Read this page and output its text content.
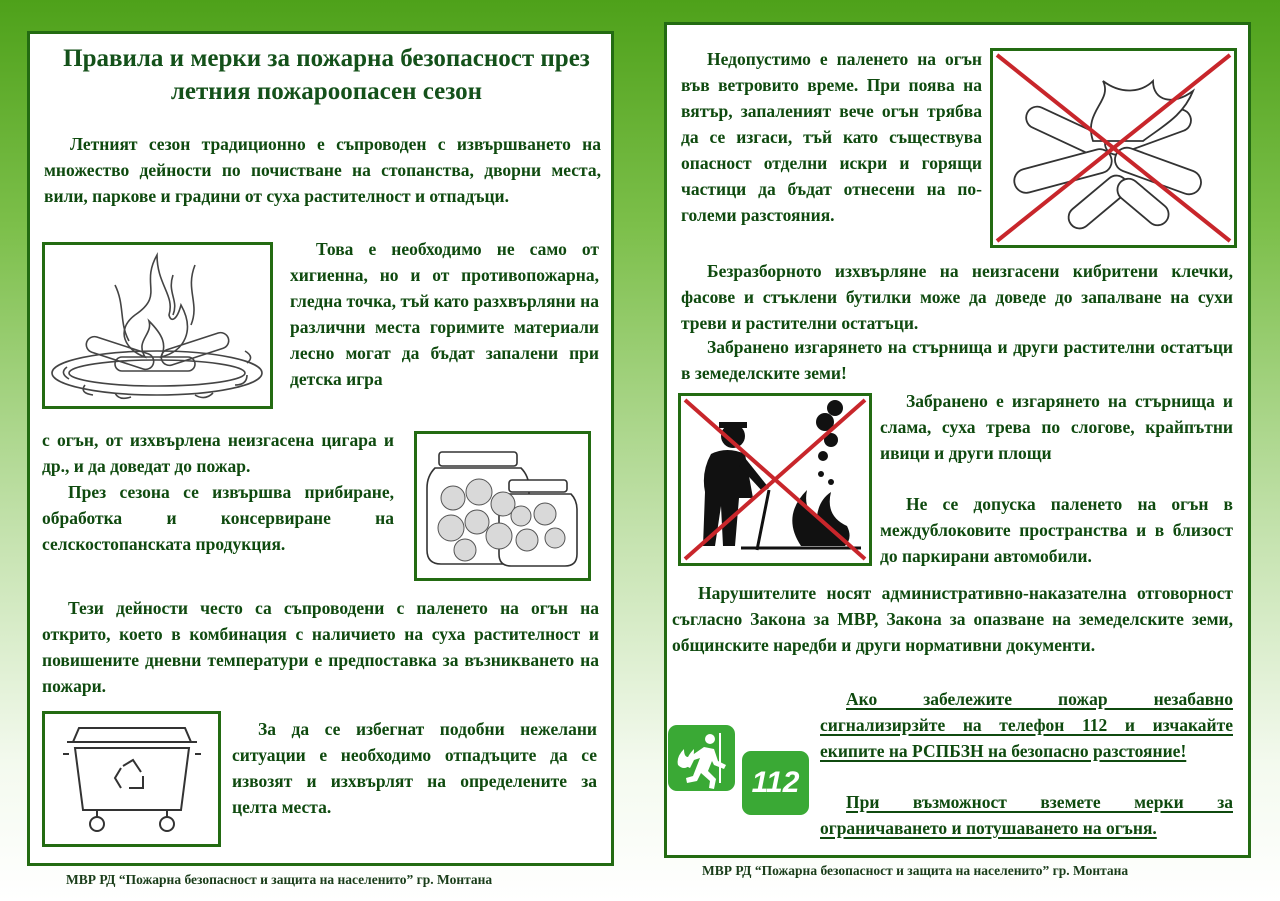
Правила и мерки за пожарна безопасност през летния пожароопасен сезон

Летният сезон традиционно е съпроводен с извършването на множество дейности по почистване на стопанства, дворни места, вили, паркове и градини от суха растителност и отпадъци.

Това е необходимо не само от хигиенна, но и от противопожарна, гледна точка, тъй като разхвърляни на различни места горимите материали лесно могат да бъдат запалени при детска игра

с огън, от изхвърлена неизгасена цигара и др., и да доведат до пожар.

През сезона се извършва прибиране, обработка и консервиране на селскостопанската продукция.

Тези дейности често са съпроводени с паленето на огън на открито, което в комбинация с наличието на суха растителност и повишените дневни температури е предпоставка за възникването на пожари.

За да се избегнат подобни нежелани ситуации е необходимо отпадъците да се извозят и изхвърлят на определените за целта места.

МВР РД “Пожарна безопасност и защита на населенито” гр. Монтана

Недопустимо е паленето на огън във ветровито време. При поява на вятър, запаленият вече огън трябва да се изгаси, тъй като съществува опасност отделни искри и горящи частици да бъдат отнесени на по-големи разстояния.

Безразборното изхвърляне на неизгасени кибритени клечки, фасове и стъклени бутилки може да доведе до запалване на сухи треви и растителни остатъци.

Забранено изгарянето на стърнища и други растителни остатъци в земеделските земи!

Забранено е изгарянето на стърнища и слама, суха трева по слогове, крайпътни ивици и други площи

Не се допуска паленето на огън в междублоковите пространства и в близост до паркирани автомобили.

Нарушителите носят административно-наказателна отговорност съгласно Закона за МВР, Закона за опазване на земеделските земи, общинските наредби и други нормативни документи.

112

Ако забележите пожар незабавно сигнализирзйте на телефон 112 и изчакайте екипите на РСПБЗН на безопасно разстояние!

При възможност вземете мерки за ограничаването и потушаването на огъня.

МВР РД “Пожарна безопасност и защита на населенито” гр. Монтана
